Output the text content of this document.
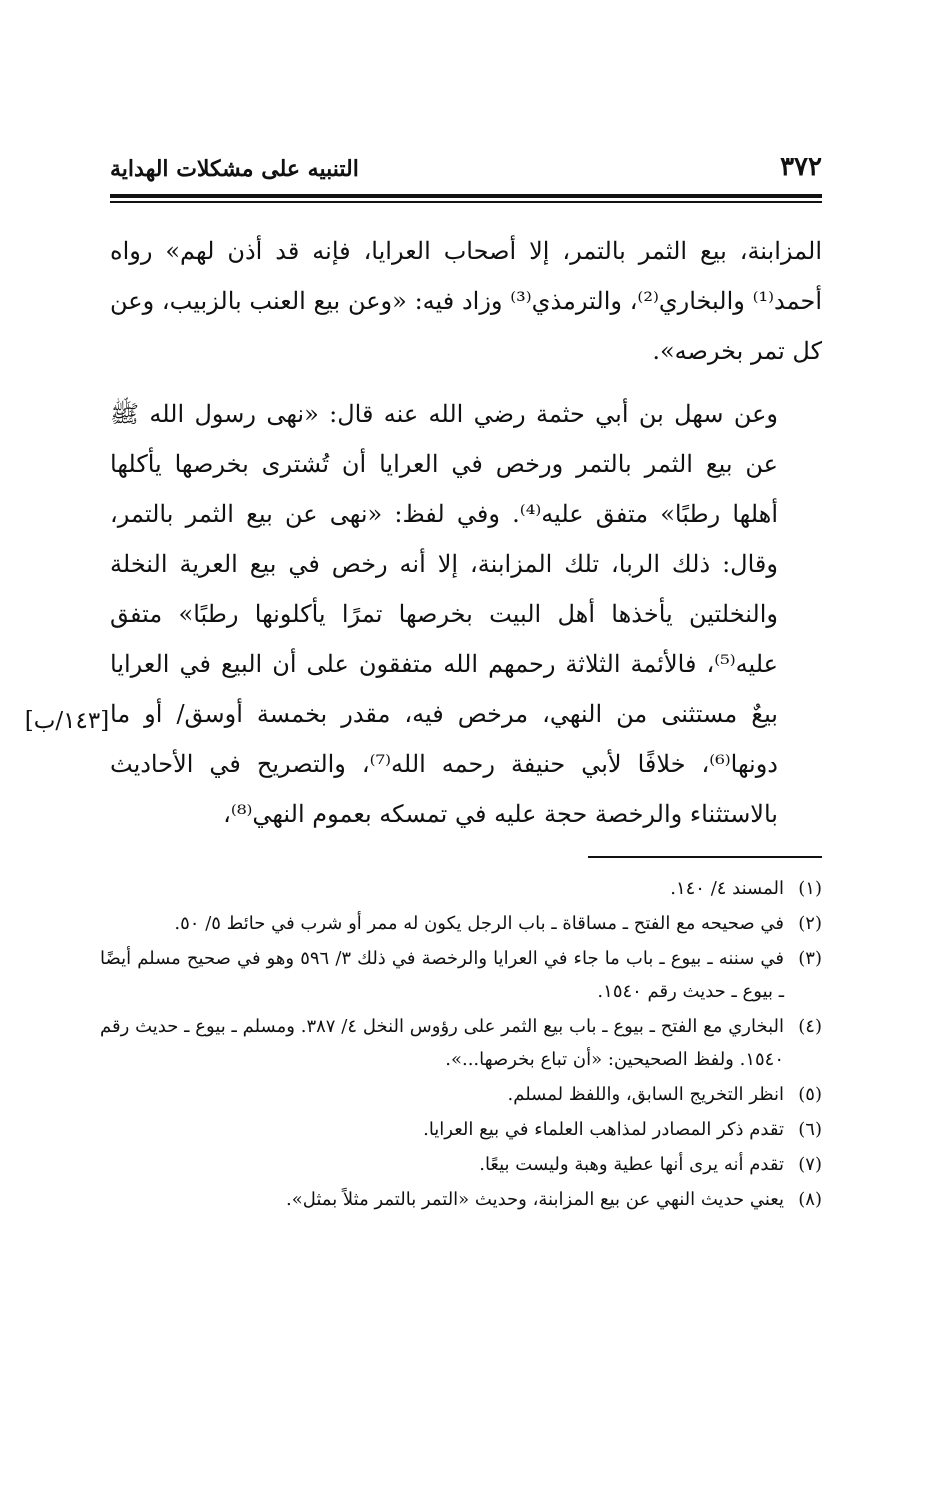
٣٧٢
التنبيه على مشكلات الهداية

المزابنة، بيع الثمر بالتمر، إلا أصحاب العرايا، فإنه قد أذن لهم» رواه أحمد⁽¹⁾ والبخاري⁽²⁾، والترمذي⁽³⁾ وزاد فيه: «وعن بيع العنب بالزبيب، وعن كل تمر بخرصه».

وعن سهل بن أبي حثمة رضي الله عنه قال: «نهى رسول الله ﷺ عن بيع الثمر بالتمر ورخص في العرايا أن تُشترى بخرصها يأكلها أهلها رطبًا» متفق عليه⁽⁴⁾. وفي لفظ: «نهى عن بيع الثمر بالتمر، وقال: ذلك الربا، تلك المزابنة، إلا أنه رخص في بيع العرية النخلة والنخلتين يأخذها أهل البيت بخرصها تمرًا يأكلونها رطبًا» متفق عليه⁽⁵⁾، فالأئمة الثلاثة رحمهم الله متفقون على أن البيع في العرايا بيعٌ مستثنى من النهي، مرخص فيه، مقدر بخمسة أوسق/ أو ما دونها⁽⁶⁾، خلافًا لأبي حنيفة رحمه الله⁽⁷⁾، والتصريح في الأحاديث بالاستثناء والرخصة حجة عليه في تمسكه بعموم النهي⁽⁸⁾،

[١٤٣/ب]

(١)
المسند ٤/ ١٤٠.

(٢)
في صحيحه مع الفتح ـ مساقاة ـ باب الرجل يكون له ممر أو شرب في حائط ٥/ ٥٠.

(٣)
في سننه ـ بيوع ـ باب ما جاء في العرايا والرخصة في ذلك ٣/ ٥٩٦ وهو في صحيح مسلم أيضًا ـ بيوع ـ حديث رقم ١٥٤٠.

(٤)
البخاري مع الفتح ـ بيوع ـ باب بيع الثمر على رؤوس النخل ٤/ ٣٨٧. ومسلم ـ بيوع ـ حديث رقم ١٥٤٠. ولفظ الصحيحين: «أن تباع بخرصها...».

(٥)
انظر التخريج السابق، واللفظ لمسلم.

(٦)
تقدم ذكر المصادر لمذاهب العلماء في بيع العرايا.

(٧)
تقدم أنه يرى أنها عطية وهبة وليست بيعًا.

(٨)
يعني حديث النهي عن بيع المزابنة، وحديث «التمر بالتمر مثلاً بمثل».
